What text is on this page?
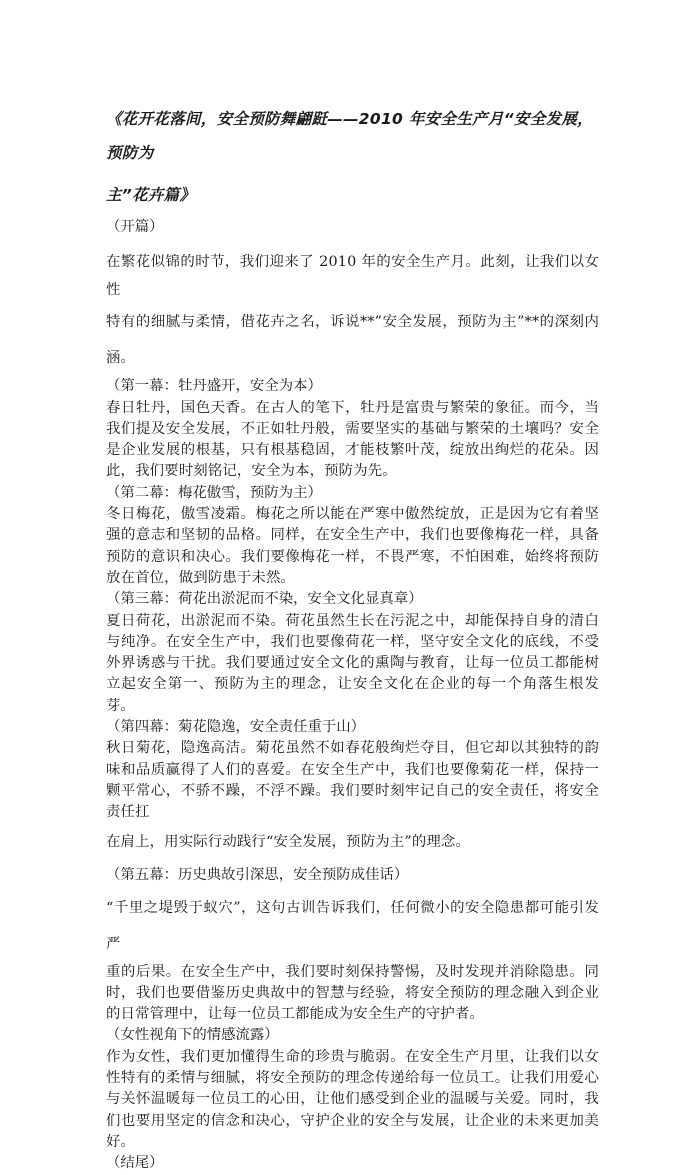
《花开花落间，安全预防舞翩跹——2010 年安全生产月“安全发展，预防为
主”花卉篇》

（开篇）

在繁花似锦的时节，我们迎来了 2010 年的安全生产月。此刻，让我们以女性

特有的细腻与柔情，借花卉之名，诉说**”安全发展，预防为主”**的深刻内涵。

（第一幕：牡丹盛开，安全为本）

春日牡丹，国色天香。在古人的笔下，牡丹是富贵与繁荣的象征。而今，当我们提及安全发展，不正如牡丹般，需要坚实的基础与繁荣的土壤吗？安全是企业发展的根基，只有根基稳固，才能枝繁叶茂，绽放出绚烂的花朵。因此，我们要时刻铭记，安全为本，预防为先。

（第二幕：梅花傲雪，预防为主）

冬日梅花，傲雪凌霜。梅花之所以能在严寒中傲然绽放，正是因为它有着坚强的意志和坚韧的品格。同样，在安全生产中，我们也要像梅花一样，具备预防的意识和决心。我们要像梅花一样，不畏严寒，不怕困难，始终将预防放在首位，做到防患于未然。

（第三幕：荷花出淤泥而不染，安全文化显真章）

夏日荷花，出淤泥而不染。荷花虽然生长在污泥之中，却能保持自身的清白与纯净。在安全生产中，我们也要像荷花一样，坚守安全文化的底线，不受外界诱惑与干扰。我们要通过安全文化的熏陶与教育，让每一位员工都能树立起安全第一、预防为主的理念，让安全文化在企业的每一个角落生根发芽。

（第四幕：菊花隐逸，安全责任重于山）

秋日菊花，隐逸高洁。菊花虽然不如春花般绚烂夺目，但它却以其独特的韵味和品质赢得了人们的喜爱。在安全生产中，我们也要像菊花一样，保持一颗平常心，不骄不躁，不浮不躁。我们要时刻牢记自己的安全责任，将安全责任扛

在肩上，用实际行动践行“安全发展，预防为主”的理念。

（第五幕：历史典故引深思，安全预防成佳话）

“千里之堤毁于蚁穴”，这句古训告诉我们，任何微小的安全隐患都可能引发严

重的后果。在安全生产中，我们要时刻保持警惕，及时发现并消除隐患。同时，我们也要借鉴历史典故中的智慧与经验，将安全预防的理念融入到企业的日常管理中，让每一位员工都能成为安全生产的守护者。

（女性视角下的情感流露）

作为女性，我们更加懂得生命的珍贵与脆弱。在安全生产月里，让我们以女性特有的柔情与细腻，将安全预防的理念传递给每一位员工。让我们用爱心与关怀温暖每一位员工的心田，让他们感受到企业的温暖与关爱。同时，我们也要用坚定的信念和决心，守护企业的安全与发展，让企业的未来更加美好。

（结尾）
